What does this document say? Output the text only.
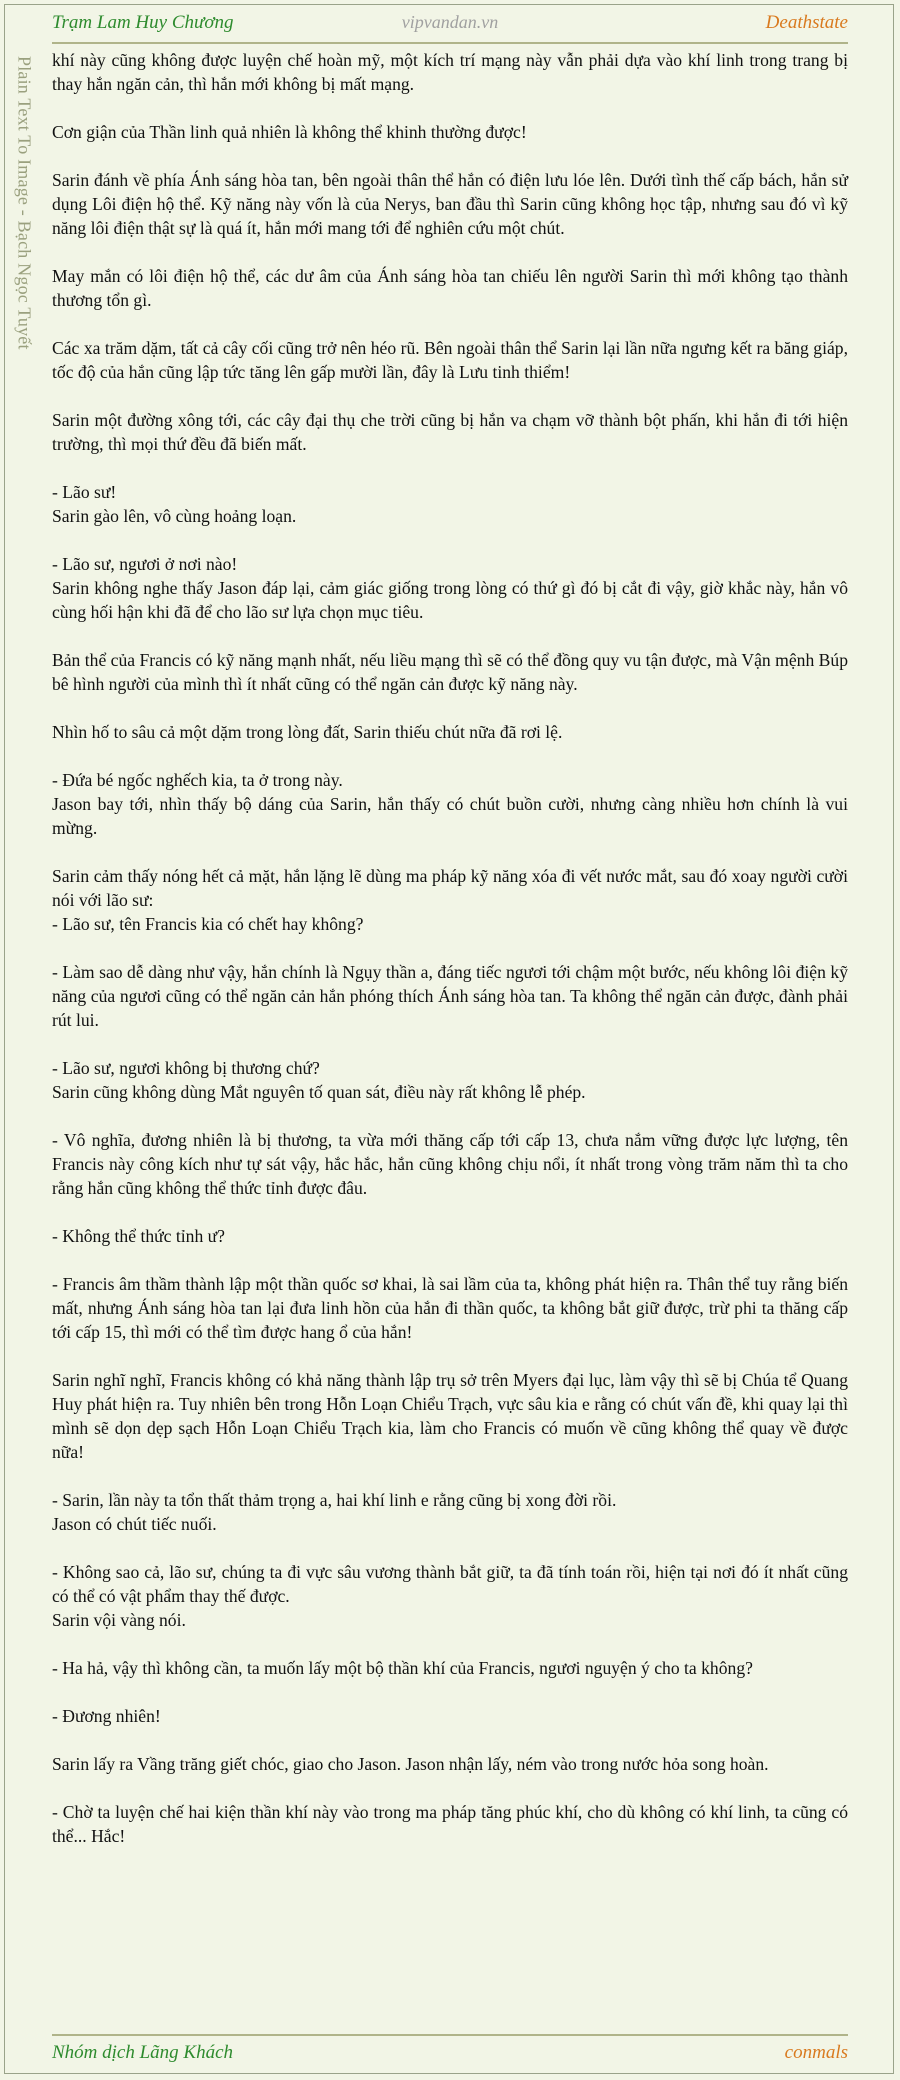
Trạm Lam Huy Chương	vipvandan.vn	Deathstate
Plain Text To Image - Bạch Ngọc Tuyết khí này cũng không được luyện chế hoàn mỹ, một kích trí mạng này vẫn phải dựa vào khí linh trong trang bị thay hắn ngăn cản, thì hắn mới không bị mất mạng.

Cơn giận của Thần linh quả nhiên là không thể khinh thường được!

Sarin đánh về phía Ánh sáng hòa tan, bên ngoài thân thể hắn có điện lưu lóe lên. Dưới tình thế cấp bách, hắn sử dụng Lôi điện hộ thể. Kỹ năng này vốn là của Nerys, ban đầu thì Sarin cũng không học tập, nhưng sau đó vì kỹ năng lôi điện thật sự là quá ít, hắn mới mang tới để nghiên cứu một chút.

May mắn có lôi điện hộ thể, các dư âm của Ánh sáng hòa tan chiếu lên người Sarin thì mới không tạo thành thương tổn gì.

Các xa trăm dặm, tất cả cây cối cũng trở nên héo rũ. Bên ngoài thân thể Sarin lại lần nữa ngưng kết ra băng giáp, tốc độ của hắn cũng lập tức tăng lên gấp mười lần, đây là Lưu tinh thiểm!

Sarin một đường xông tới, các cây đại thụ che trời cũng bị hắn va chạm vỡ thành bột phấn, khi hắn đi tới hiện trường, thì mọi thứ đều đã biến mất.

- Lão sư!
Sarin gào lên, vô cùng hoảng loạn.

- Lão sư, ngươi ở nơi nào!
Sarin không nghe thấy Jason đáp lại, cảm giác giống trong lòng có thứ gì đó bị cắt đi vậy, giờ khắc này, hắn vô cùng hối hận khi đã để cho lão sư lựa chọn mục tiêu.

Bản thể của Francis có kỹ năng mạnh nhất, nếu liều mạng thì sẽ có thể đồng quy vu tận được, mà Vận mệnh Búp bê hình người của mình thì ít nhất cũng có thể ngăn cản được kỹ năng này.

Nhìn hố to sâu cả một dặm trong lòng đất, Sarin thiếu chút nữa đã rơi lệ.

- Đứa bé ngốc nghếch kia, ta ở trong này.
Jason bay tới, nhìn thấy bộ dáng của Sarin, hắn thấy có chút buồn cười, nhưng càng nhiều hơn chính là vui mừng.

Sarin cảm thấy nóng hết cả mặt, hắn lặng lẽ dùng ma pháp kỹ năng xóa đi vết nước mắt, sau đó xoay người cười nói với lão sư:
- Lão sư, tên Francis kia có chết hay không?

- Làm sao dễ dàng như vậy, hắn chính là Ngụy thần a, đáng tiếc ngươi tới chậm một bước, nếu không lôi điện kỹ năng của ngươi cũng có thể ngăn cản hắn phóng thích Ánh sáng hòa tan. Ta không thể ngăn cản được, đành phải rút lui.

- Lão sư, ngươi không bị thương chứ?
Sarin cũng không dùng Mắt nguyên tố quan sát, điều này rất không lễ phép.

- Vô nghĩa, đương nhiên là bị thương, ta vừa mới thăng cấp tới cấp 13, chưa nắm vững được lực lượng, tên Francis này công kích như tự sát vậy, hắc hắc, hắn cũng không chịu nổi, ít nhất trong vòng trăm năm thì ta cho rằng hắn cũng không thể thức tỉnh được đâu.

- Không thể thức tỉnh ư?

- Francis âm thầm thành lập một thần quốc sơ khai, là sai lầm của ta, không phát hiện ra. Thân thể tuy rằng biến mất, nhưng Ánh sáng hòa tan lại đưa linh hồn của hắn đi thần quốc, ta không bắt giữ được, trừ phi ta thăng cấp tới cấp 15, thì mới có thể tìm được hang ổ của hắn!

Sarin nghĩ nghĩ, Francis không có khả năng thành lập trụ sở trên Myers đại lục, làm vậy thì sẽ bị Chúa tể Quang Huy phát hiện ra. Tuy nhiên bên trong Hỗn Loạn Chiểu Trạch, vực sâu kia e rằng có chút vấn đề, khi quay lại thì mình sẽ dọn dẹp sạch Hỗn Loạn Chiểu Trạch kia, làm cho Francis có muốn về cũng không thể quay về được nữa!

- Sarin, lần này ta tổn thất thảm trọng a, hai khí linh e rằng cũng bị xong đời rồi.
Jason có chút tiếc nuối.

- Không sao cả, lão sư, chúng ta đi vực sâu vương thành bắt giữ, ta đã tính toán rồi, hiện tại nơi đó ít nhất cũng có thể có vật phẩm thay thế được.
Sarin vội vàng nói.

- Ha hả, vậy thì không cần, ta muốn lấy một bộ thần khí của Francis, ngươi nguyện ý cho ta không?

- Đương nhiên!

Sarin lấy ra Vầng trăng giết chóc, giao cho Jason. Jason nhận lấy, ném vào trong nước hỏa song hoàn.

- Chờ ta luyện chế hai kiện thần khí này vào trong ma pháp tăng phúc khí, cho dù không có khí linh, ta cũng có thể... Hắc!

Nhóm dịch Lãng Khách	conmals
